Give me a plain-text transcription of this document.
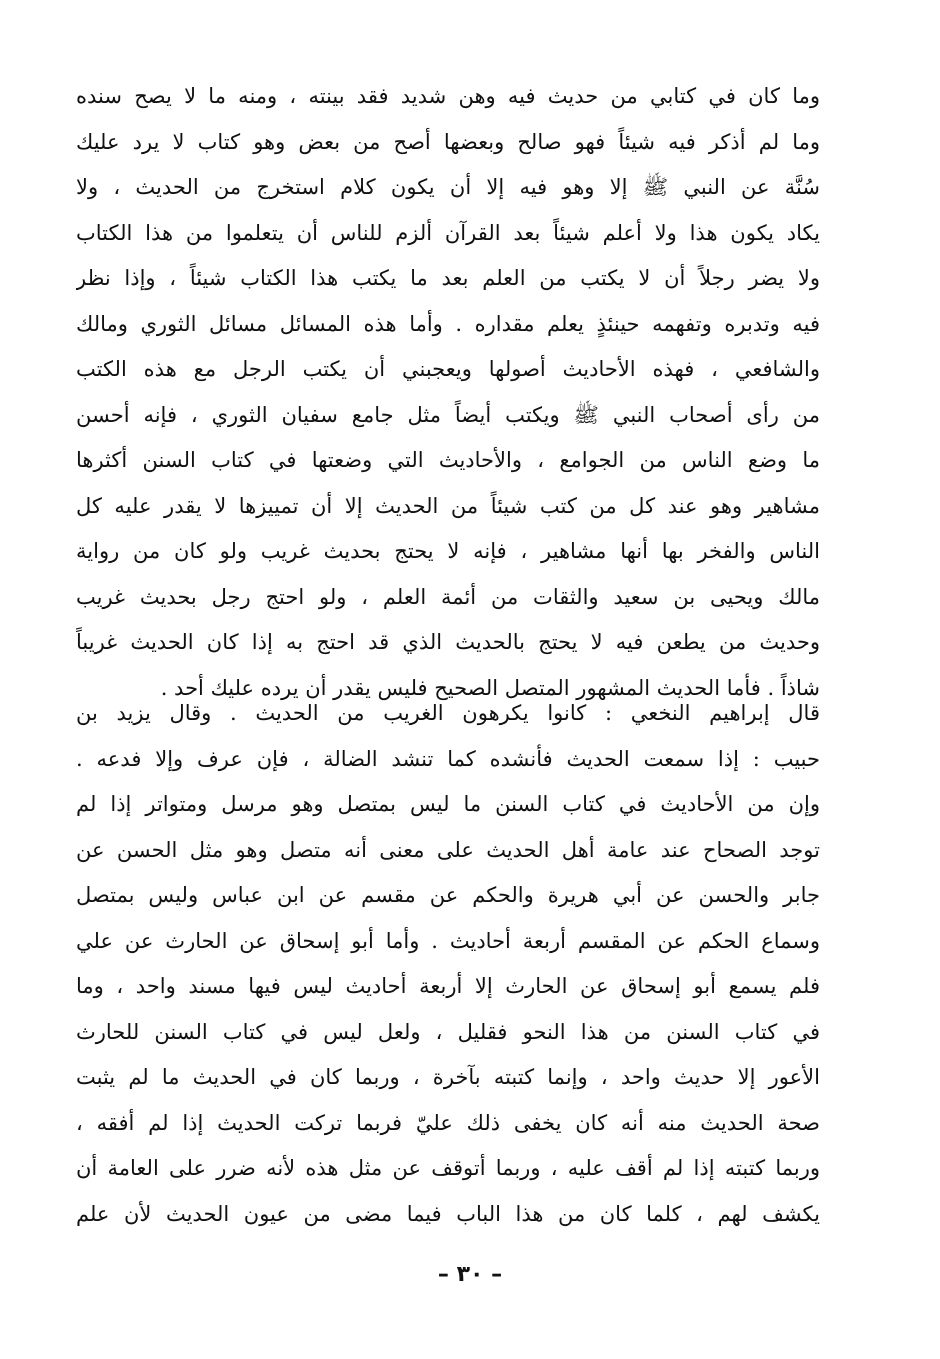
وما كان في كتابي من حديث فيه وهن شديد فقد بينته ، ومنه ما لا يصح سنده
وما لم أذكر فيه شيئاً فهو صالح وبعضها أصح من بعض وهو كتاب لا يرد عليك
سُنَّة عن النبي ﷺ إلا وهو فيه إلا أن يكون كلام استخرج من الحديث ، ولا
يكاد يكون هذا ولا أعلم شيئاً بعد القرآن ألزم للناس أن يتعلموا من هذا الكتاب
ولا يضر رجلاً أن لا يكتب من العلم بعد ما يكتب هذا الكتاب شيئاً ، وإذا نظر
فيه وتدبره وتفهمه حينئذٍ يعلم مقداره . وأما هذه المسائل مسائل الثوري ومالك
والشافعي ، فهذه الأحاديث أصولها ويعجبني أن يكتب الرجل مع هذه الكتب
من رأى أصحاب النبي ﷺ ويكتب أيضاً مثل جامع سفيان الثوري ، فإنه أحسن
ما وضع الناس من الجوامع ، والأحاديث التي وضعتها في كتاب السنن أكثرها
مشاهير وهو عند كل من كتب شيئاً من الحديث إلا أن تمييزها لا يقدر عليه كل
الناس والفخر بها أنها مشاهير ، فإنه لا يحتج بحديث غريب ولو كان من رواية
مالك ويحيى بن سعيد والثقات من أئمة العلم ، ولو احتج رجل بحديث غريب
وحديث من يطعن فيه لا يحتج بالحديث الذي قد احتج به إذا كان الحديث غريباً
شاذاً . فأما الحديث المشهور المتصل الصحيح فليس يقدر أن يرده عليك أحد .
قال إبراهيم النخعي : كانوا يكرهون الغريب من الحديث . وقال يزيد بن
حبيب : إذا سمعت الحديث فأنشده كما تنشد الضالة ، فإن عرف وإلا فدعه .
وإن من الأحاديث في كتاب السنن ما ليس بمتصل وهو مرسل ومتواتر إذا لم
توجد الصحاح عند عامة أهل الحديث على معنى أنه متصل وهو مثل الحسن عن
جابر والحسن عن أبي هريرة والحكم عن مقسم عن ابن عباس وليس بمتصل
وسماع الحكم عن المقسم أربعة أحاديث . وأما أبو إسحاق عن الحارث عن علي
فلم يسمع أبو إسحاق عن الحارث إلا أربعة أحاديث ليس فيها مسند واحد ، وما
في كتاب السنن من هذا النحو فقليل ، ولعل ليس في كتاب السنن للحارث
الأعور إلا حديث واحد ، وإنما كتبته بآخرة ، وربما كان في الحديث ما لم يثبت
صحة الحديث منه أنه كان يخفى ذلك عليّ فربما تركت الحديث إذا لم أفقه ،
وربما كتبته إذا لم أقف عليه ، وربما أتوقف عن مثل هذه لأنه ضرر على العامة أن
يكشف لهم ، كلما كان من هذا الباب فيما مضى من عيون الحديث لأن علم
– ٣٠ –
